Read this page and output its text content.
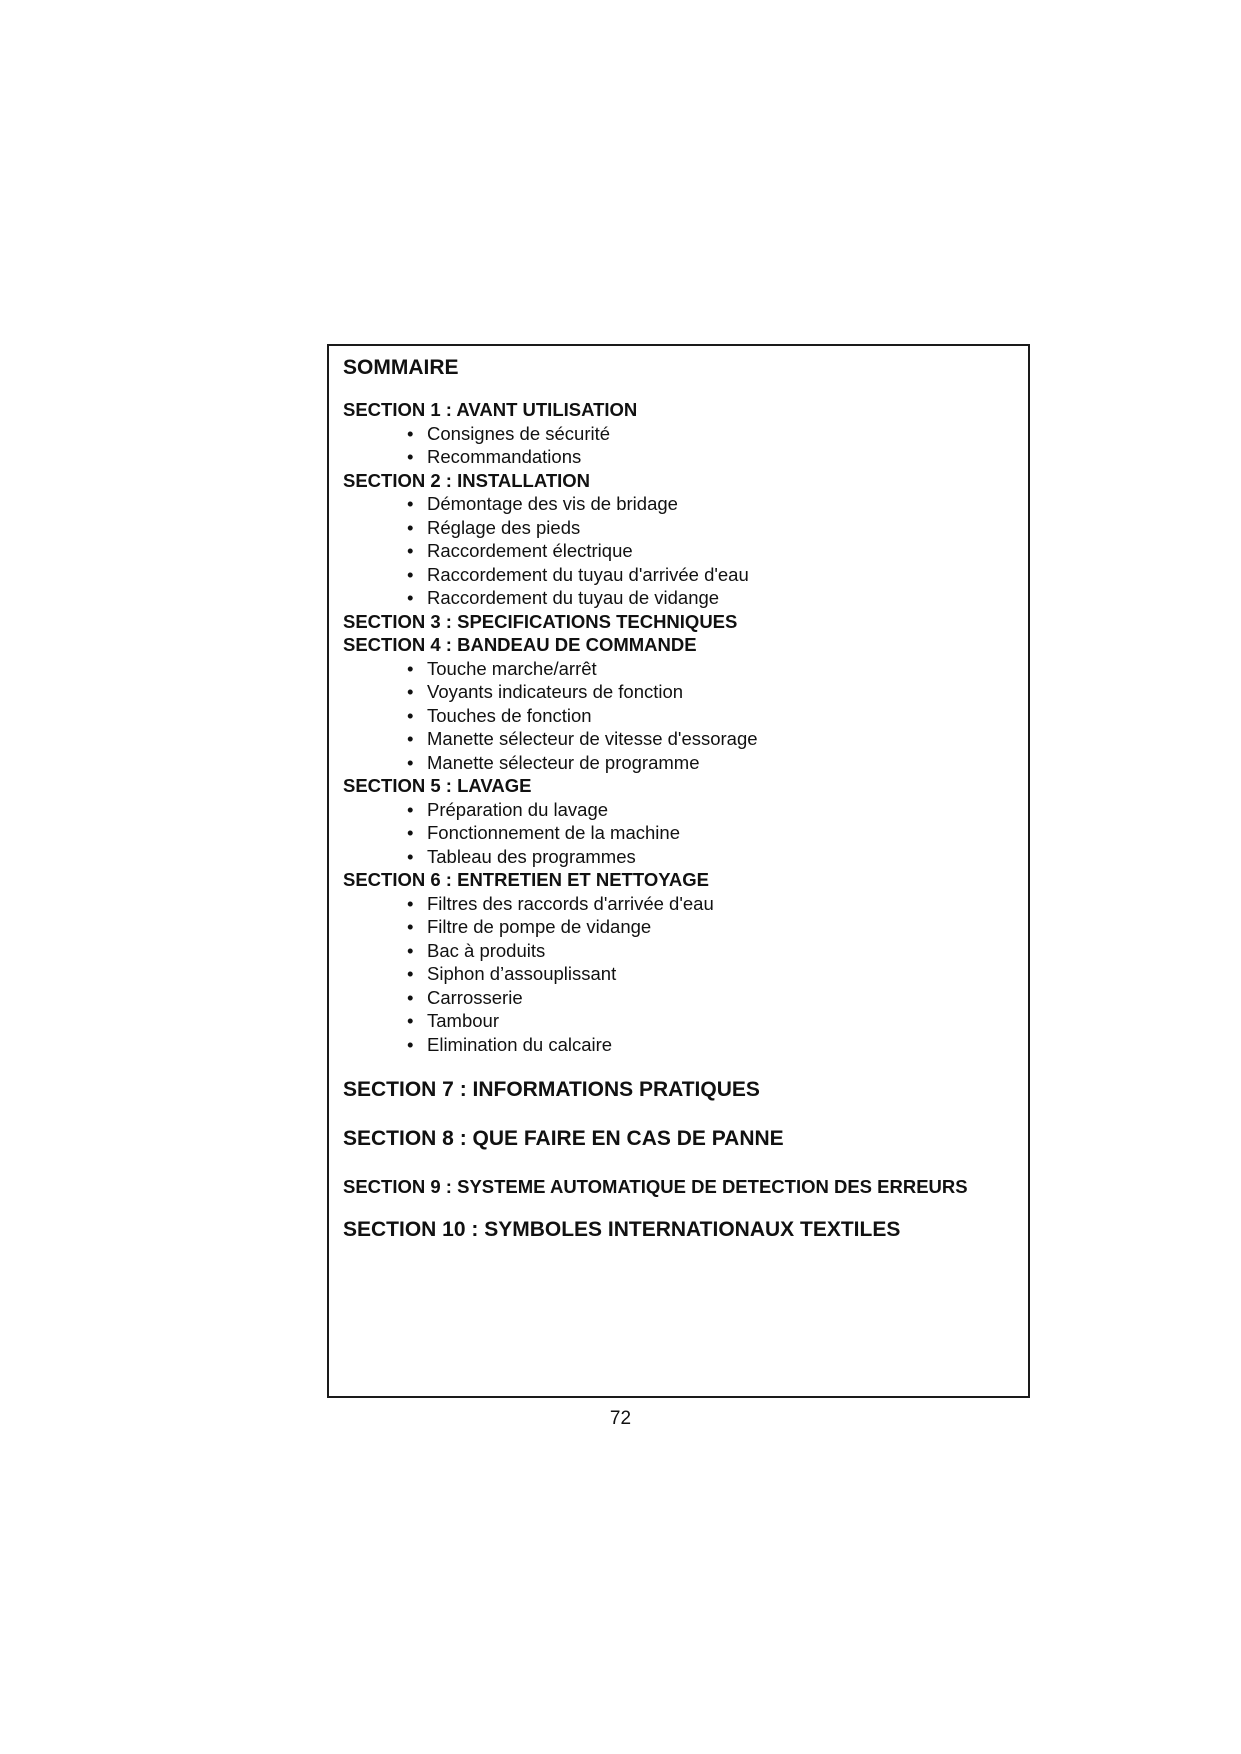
SOMMAIRE
SECTION 1 : AVANT UTILISATION
• Consignes de sécurité
• Recommandations
SECTION 2 : INSTALLATION
• Démontage des vis de bridage
• Réglage des pieds
• Raccordement électrique
• Raccordement du tuyau d'arrivée d'eau
• Raccordement du tuyau de vidange
SECTION 3 : SPECIFICATIONS TECHNIQUES
SECTION 4 : BANDEAU DE COMMANDE
• Touche marche/arrêt
• Voyants indicateurs de fonction
• Touches de fonction
• Manette sélecteur de vitesse d'essorage
• Manette sélecteur de programme
SECTION 5 : LAVAGE
• Préparation du lavage
• Fonctionnement de la machine
• Tableau des programmes
SECTION 6 : ENTRETIEN ET NETTOYAGE
• Filtres des raccords d'arrivée d'eau
• Filtre de pompe de vidange
• Bac à produits
• Siphon d’assouplissant
• Carrosserie
• Tambour
• Elimination du calcaire
SECTION 7 : INFORMATIONS PRATIQUES
SECTION 8 : QUE FAIRE EN CAS DE PANNE
SECTION 9 : SYSTEME AUTOMATIQUE DE DETECTION DES ERREURS
SECTION 10 : SYMBOLES INTERNATIONAUX TEXTILES
72
